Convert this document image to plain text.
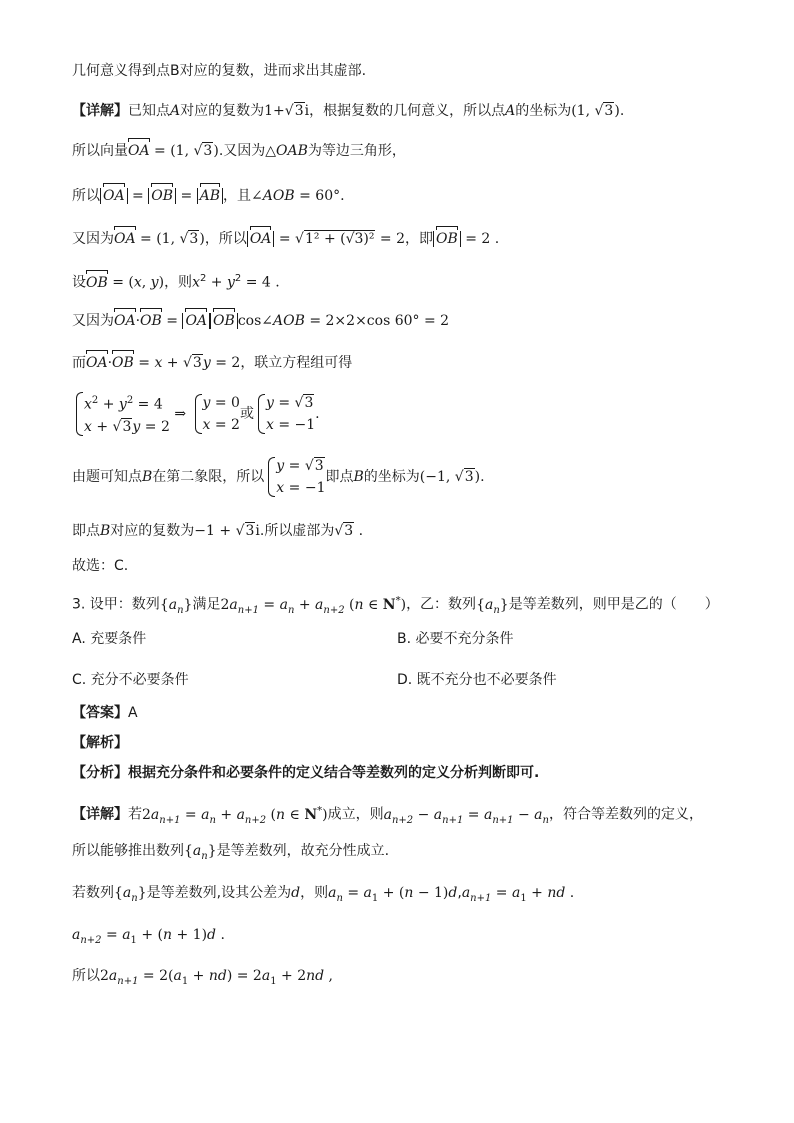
几何意义得到点B对应的复数，进而求出其虚部.
【详解】已知点A对应的复数为1+√3i，根据复数的几何意义，所以点A的坐标为(1, √3).
所以向量OA = (1, √3).又因为△OAB为等边三角形，
所以 OA = OB = AB ，且∠AOB = 60°.
又因为OA = (1, √3)，所以 OA = √1² + (√3)² = 2，即 OB = 2 .
设OB = (x, y)，则$x^2 + y^2 = 4$ .
又因为OA·OB = OA OB cos∠AOB = 2×2×cos 60° = 2
而OA·OB = x + √3y = 2，联立方程组可得
$x^2 + y^2 = 4$
x + √3y = 2
⇒
y = 0
x = 2
或
y = √3
x = −1
.
由题可知点B在第二象限，所以
y = √3
x = −1
即点B的坐标为(−1, √3).
即点B对应的复数为−1 + √3i.所以虚部为√3 .
故选：C.
3. 设甲：数列$\{a_n\}$满足$2a_{n+1} = a_n + a_{n+2}$ (n ∈ N*)，乙：数列$\{a_n\}$是等差数列，则甲是乙的（　　）
A. 充要条件	B. 必要不充分条件
C. 充分不必要条件	D. 既不充分也不必要条件
【答案】A
【解析】
【分析】根据充分条件和必要条件的定义结合等差数列的定义分析判断即可.
【详解】若$2a_{n+1} = a_n + a_{n+2}$ (n ∈ N*)成立，则$a_{n+2} - a_{n+1} = a_{n+1} - a_n$，符合等差数列的定义，
所以能够推出数列$\{a_n\}$是等差数列，故充分性成立.
若数列$\{a_n\}$是等差数列,设其公差为d，则$a_n = a_1 + (n - 1)d,a_{n+1} = a_1$ + nd .
$a_{n+2} = a_1 + (n + 1)d$ .
所以$2a_{n+1} = 2(a_1 + nd) = 2a_1 + 2nd$ ,
